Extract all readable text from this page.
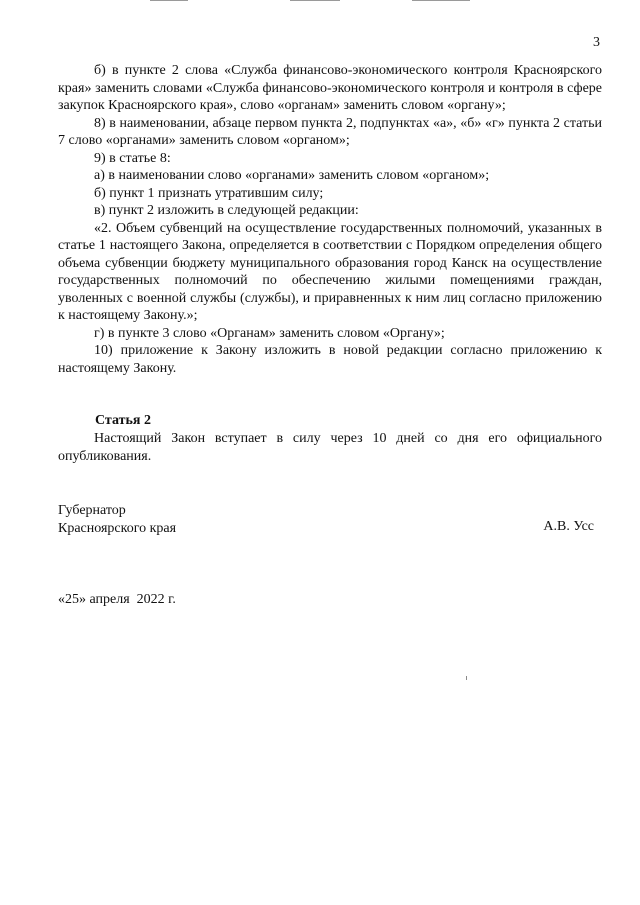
3

б) в пункте 2 слова «Служба финансово-экономического контроля Красноярского края» заменить словами «Служба финансово-экономического контроля и контроля в сфере закупок Красноярского края», слово «органам» заменить словом «органу»;

8) в наименовании, абзаце первом пункта 2, подпунктах «а», «б» «г» пункта 2 статьи 7 слово «органами» заменить словом «органом»;

9) в статье 8:

а) в наименовании слово «органами» заменить словом «органом»;

б) пункт 1 признать утратившим силу;

в) пункт 2 изложить в следующей редакции:

«2. Объем субвенций на осуществление государственных полномочий, указанных в статье 1 настоящего Закона, определяется в соответствии с Порядком определения общего объема субвенции бюджету муниципального образования город Канск на осуществление государственных полномочий по обеспечению жилыми помещениями граждан, уволенных с военной службы (службы), и приравненных к ним лиц согласно приложению к настоящему Закону.»;

г) в пункте 3 слово «Органам» заменить словом «Органу»;

10) приложение к Закону изложить в новой редакции согласно приложению к настоящему Закону.

Статья 2

Настоящий Закон вступает в силу через 10 дней со дня его официального опубликования.

Губернатор
Красноярского края	А.В. Усс
«25» апреля  2022 г.
